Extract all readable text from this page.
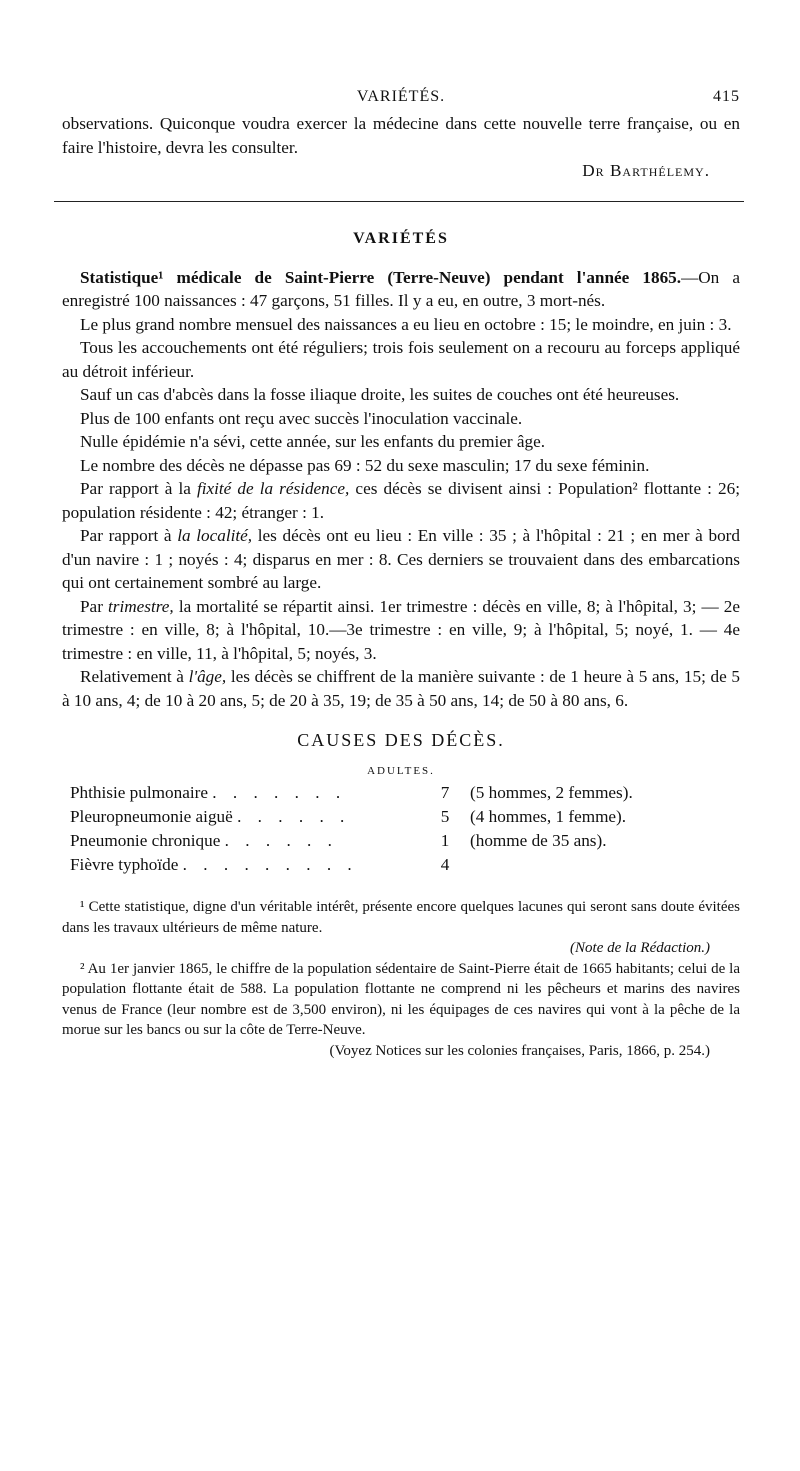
VARIÉTÉS.	415

observations. Quiconque voudra exercer la médecine dans cette nouvelle terre française, ou en faire l'histoire, devra les consulter.

Dr Barthélemy.

VARIÉTÉS

Statistique¹ médicale de Saint-Pierre (Terre-Neuve) pendant l'année 1865.—On a enregistré 100 naissances : 47 garçons, 51 filles. Il y a eu, en outre, 3 mort-nés.

Le plus grand nombre mensuel des naissances a eu lieu en octobre : 15; le moindre, en juin : 3.

Tous les accouchements ont été réguliers; trois fois seulement on a recouru au forceps appliqué au détroit inférieur.

Sauf un cas d'abcès dans la fosse iliaque droite, les suites de couches ont été heureuses.

Plus de 100 enfants ont reçu avec succès l'inoculation vaccinale.

Nulle épidémie n'a sévi, cette année, sur les enfants du premier âge.

Le nombre des décès ne dépasse pas 69 : 52 du sexe masculin; 17 du sexe féminin.

Par rapport à la fixité de la résidence, ces décès se divisent ainsi : Population² flottante : 26; population résidente : 42; étranger : 1.

Par rapport à la localité, les décès ont eu lieu : En ville : 35 ; à l'hôpital : 21 ; en mer à bord d'un navire : 1 ; noyés : 4; disparus en mer : 8. Ces derniers se trouvaient dans des embarcations qui ont certainement sombré au large.

Par trimestre, la mortalité se répartit ainsi. 1er trimestre : décès en ville, 8; à l'hôpital, 3; — 2e trimestre : en ville, 8; à l'hôpital, 10.—3e trimestre : en ville, 9; à l'hôpital, 5; noyé, 1. — 4e trimestre : en ville, 11, à l'hôpital, 5; noyés, 3.

Relativement à l'âge, les décès se chiffrent de la manière suivante : de 1 heure à 5 ans, 15; de 5 à 10 ans, 4; de 10 à 20 ans, 5; de 20 à 35, 19; de 35 à 50 ans, 14; de 50 à 80 ans, 6.

CAUSES DES DÉCÈS.
ADULTES.
Phthisie pulmonaire . . . . . . .	7	(5 hommes, 2 femmes).
Pleuropneumonie aiguë . . . . . .	5	(4 hommes, 1 femme).
Pneumonie chronique . . . . . .	1	(homme de 35 ans).
Fièvre typhoïde . . . . . . . . .	4	

¹ Cette statistique, digne d'un véritable intérêt, présente encore quelques lacunes qui seront sans doute évitées dans les travaux ultérieurs de même nature.

(Note de la Rédaction.)

² Au 1er janvier 1865, le chiffre de la population sédentaire de Saint-Pierre était de 1665 habitants; celui de la population flottante était de 588. La population flottante ne comprend ni les pêcheurs et marins des navires venus de France (leur nombre est de 3,500 environ), ni les équipages de ces navires qui vont à la pêche de la morue sur les bancs ou sur la côte de Terre-Neuve.

(Voyez Notices sur les colonies françaises, Paris, 1866, p. 254.)
